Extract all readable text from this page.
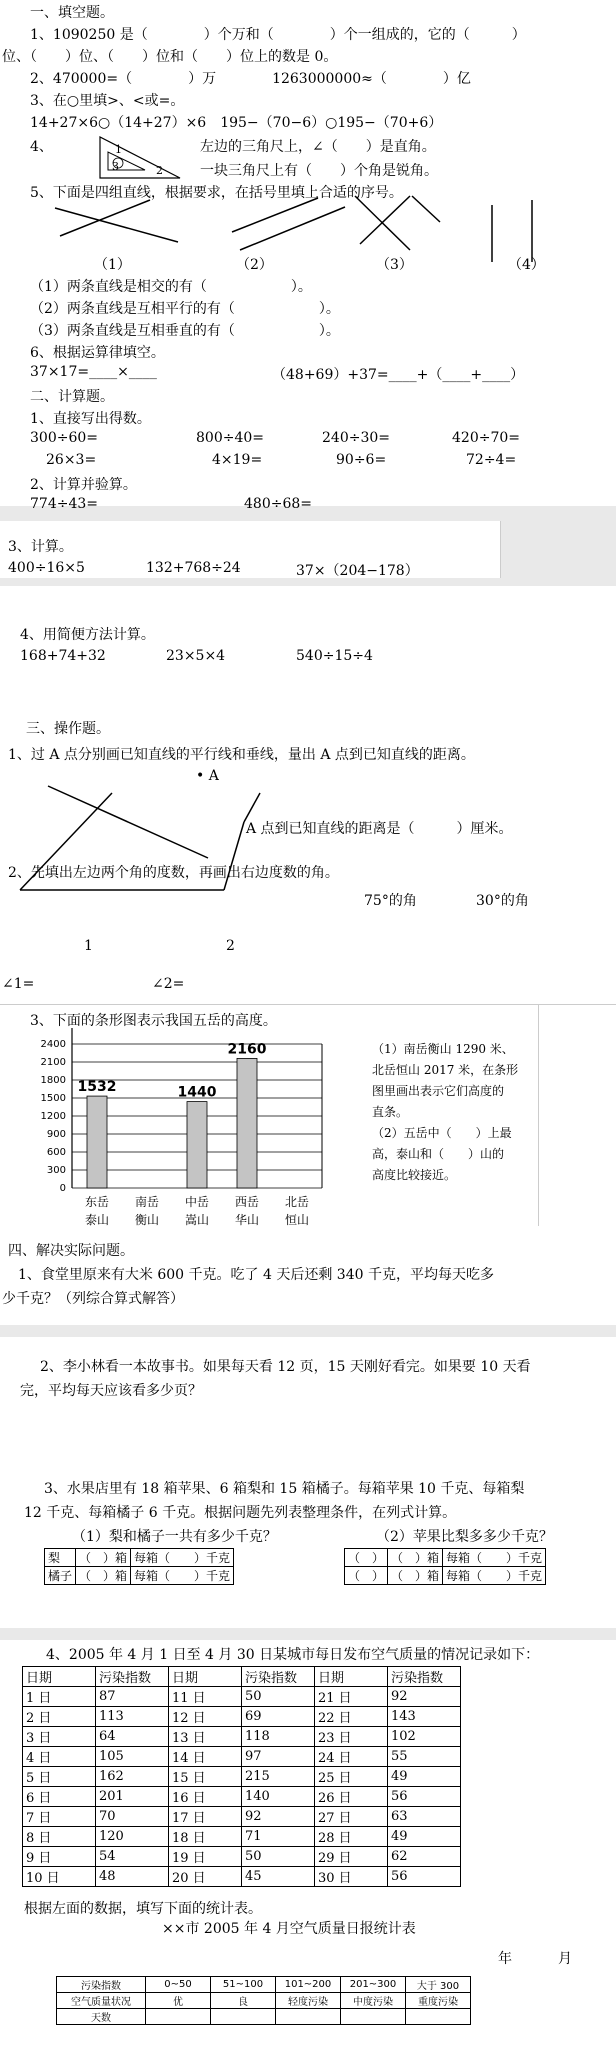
一、填空题。
1、1090250 是（　　　　）个万和（　　　　）个一组成的，它的（　　　）
位、（　　）位、（　　）位和（　　）位上的数是 0。
2、470000=（　　　　）万　　　　1263000000≈（　　　　）亿
3、在○里填>、<或=。
14+27×6○（14+27）×6　195−（70−6）○195−（70+6）
4、	左边的三角尺上，∠（　　）是直角。
一块三角尺上有（　　）个角是锐角。
1
3	2
5、下面是四组直线，根据要求，在括号里填上合适的序号。
（1）	（2）	（3）	（4）
（1）两条直线是相交的有（　　　　　　）。
（2）两条直线是互相平行的有（　　　　　　）。
（3）两条直线是互相垂直的有（　　　　　　）。
6、根据运算律填空。
37×17=____×____	（48+69）+37=____+（____+____）
二、计算题。
1、直接写出得数。
300÷60=	800÷40=	240÷30=	420÷70=
26×3=	4×19=	90÷6=	72÷4=
2、计算并验算。
774÷43=	480÷68=
3、计算。
400÷16×5	132+768÷24	37×（204−178）
4、用简便方法计算。
168+74+32	23×5×4	540÷15÷4
三、操作题。
1、过 A 点分别画已知直线的平行线和垂线，量出 A 点到已知直线的距离。
• A
A 点到已知直线的距离是（　　　）厘米。
2、先填出左边两个角的度数，再画出右边度数的角。
75°的角	30°的角
1	2
∠1=	∠2=
3、下面的条形图表示我国五岳的高度。
2400
2100
1800
1500
1200
900
600
300
0
1532
东岳
泰山
南岳
衡山
1440
中岳
嵩山
2160
西岳
华山
北岳
恒山
（1）南岳衡山 1290 米、
北岳恒山 2017 米，在条形
图里画出表示它们高度的
直条。
（2）五岳中（　　）上最
高，泰山和（　　）山的
高度比较接近。
四、解决实际问题。
1、食堂里原来有大米 600 千克。吃了 4 天后还剩 340 千克，平均每天吃多
少千克？（列综合算式解答）
2、李小林看一本故事书。如果每天看 12 页，15 天刚好看完。如果要 10 天看
完，平均每天应该看多少页？
3、水果店里有 18 箱苹果、6 箱梨和 15 箱橘子。每箱苹果 10 千克、每箱梨
12 千克、每箱橘子 6 千克。根据问题先列表整理条件，在列式计算。
（1）梨和橘子一共有多少千克？	（2）苹果比梨多多少千克？
梨	（　）箱	每箱（　　）千克
橘子	（　）箱	每箱（　　）千克
（　）	（　）箱	每箱（　　）千克
（　）	（　）箱	每箱（　　）千克
4、2005 年 4 月 1 日至 4 月 30 日某城市每日发布空气质量的情况记录如下：
日期	污染指数	日期	污染指数	日期	污染指数
1 日	87	11 日	50	21 日	92
2 日	113	12 日	69	22 日	143
3 日	64	13 日	118	23 日	102
4 日	105	14 日	97	24 日	55
5 日	162	15 日	215	25 日	49
6 日	201	16 日	140	26 日	56
7 日	70	17 日	92	27 日	63
8 日	120	18 日	71	28 日	49
9 日	54	19 日	50	29 日	62
10 日	48	20 日	45	30 日	56
根据左面的数据，填写下面的统计表。
××市 2005 年 4 月空气质量日报统计表
年	月
污染指数	0~50	51~100	101~200	201~300	大于 300
空气质量状况	优	良	轻度污染	中度污染	重度污染
天数					
